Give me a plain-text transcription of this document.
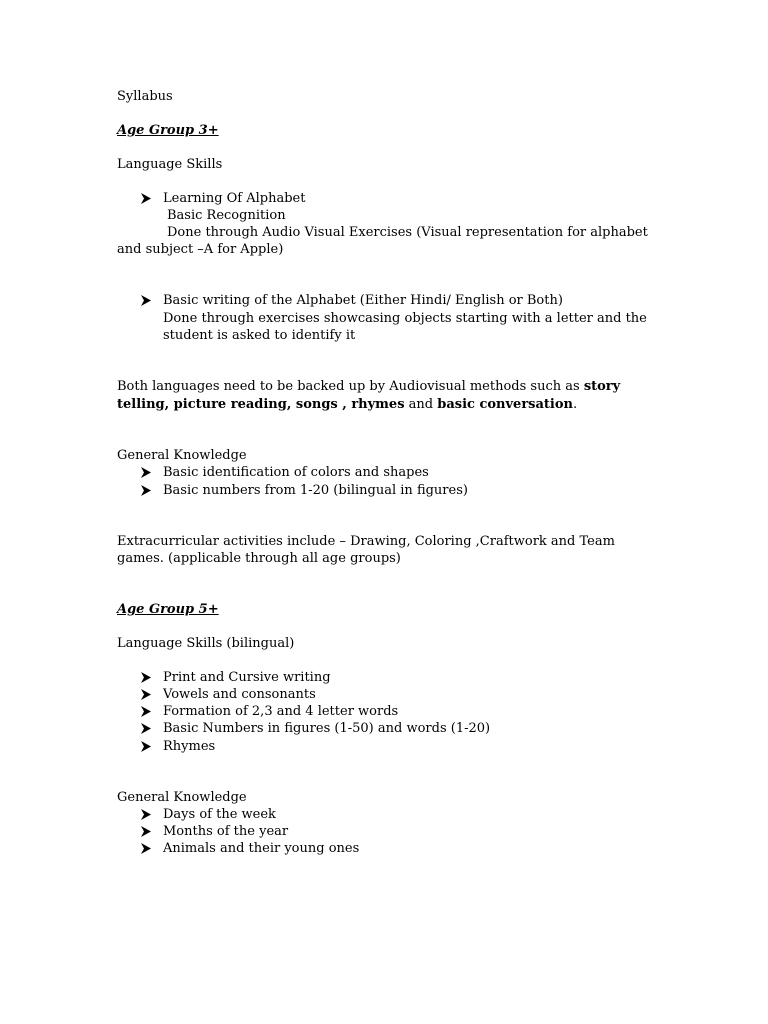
Syllabus
Age Group 3+
Language Skills
Learning Of Alphabet
Basic Recognition
Done through Audio Visual Exercises (Visual representation for alphabet
and subject –A for Apple)
Basic writing of the Alphabet (Either Hindi/ English or Both)
Done through exercises showcasing objects starting with a letter and the
student is asked to identify it
Both languages need to be backed up by Audiovisual methods such as story
telling, picture reading, songs , rhymes and basic conversation.
General Knowledge
Basic identification of colors and shapes
Basic numbers from 1-20 (bilingual in figures)
Extracurricular activities include – Drawing, Coloring ,Craftwork and Team
games. (applicable through all age groups)
Age Group 5+
Language Skills (bilingual)
Print and Cursive writing
Vowels and consonants
Formation of 2,3 and 4 letter words
Basic Numbers in figures (1-50) and words (1-20)
Rhymes
General Knowledge
Days of the week
Months of the year
Animals and their young ones
